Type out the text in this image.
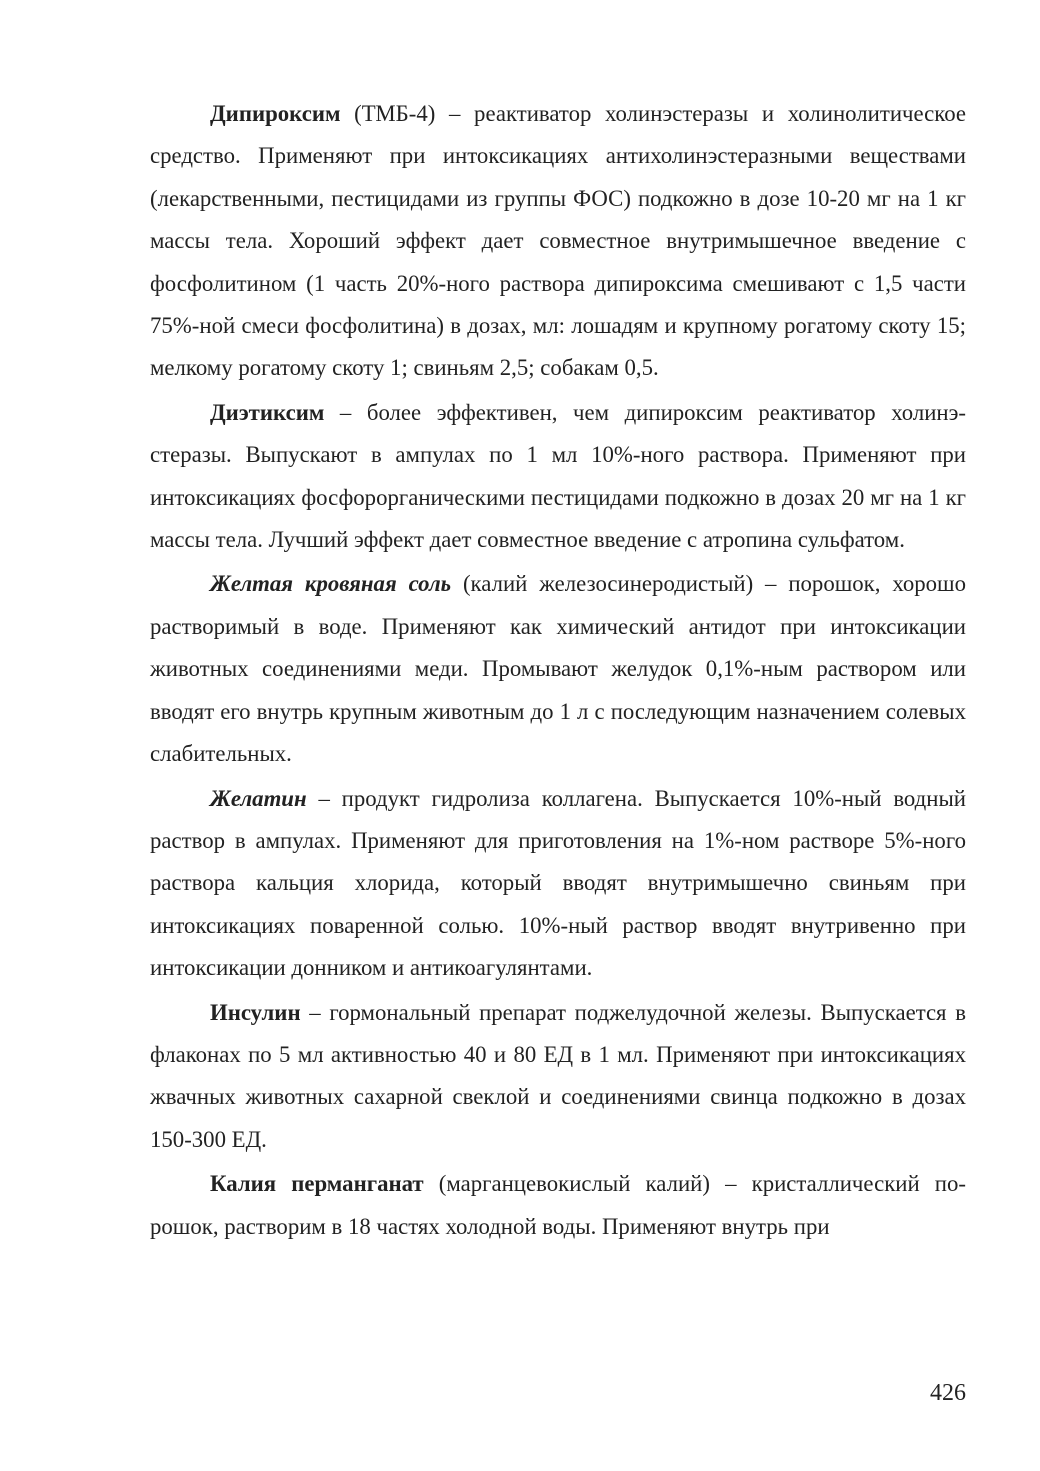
Дипироксим (ТМБ-4) – реактиватор холинэстеразы и холинолитическое средство. Применяют при интоксикациях антихолинэстеразными веществами (лекарственными, пестицидами из группы ФОС) подкожно в дозе 10-20 мг на 1 кг массы тела. Хороший эффект дает совместное внутримышечное введение с фосфолитином (1 часть 20%-ного раствора дипироксима смешивают с 1,5 части 75%-ной смеси фосфолитина) в дозах, мл: лошадям и крупному рогатому скоту 15; мелкому рогатому скоту 1; свиньям 2,5; собакам 0,5.

Диэтиксим – более эффективен, чем дипироксим реактиватор холинэстеразы. Выпускают в ампулах по 1 мл 10%-ного раствора. Применяют при интоксикациях фосфорорганическими пестицидами подкожно в дозах 20 мг на 1 кг массы тела. Лучший эффект дает совместное введение с атропина сульфатом.

Желтая кровяная соль (калий железосинеродистый) – порошок, хорошо растворимый в воде. Применяют как химический антидот при интоксикации животных соединениями меди. Промывают желудок 0,1%-ным раствором или вводят его внутрь крупным животным до 1 л с последующим назначением солевых слабительных.

Желатин – продукт гидролиза коллагена. Выпускается 10%-ный водный раствор в ампулах. Применяют для приготовления на 1%-ном растворе 5%-ного раствора кальция хлорида, который вводят внутримышечно свиньям при интоксикациях поваренной солью. 10%-ный раствор вводят внутривенно при интоксикации донником и антикоагулянтами.

Инсулин – гормональный препарат поджелудочной железы. Выпускается в флаконах по 5 мл активностью 40 и 80 ЕД в 1 мл. Применяют при интоксикациях жвачных животных сахарной свеклой и соединениями свинца подкожно в дозах 150-300 ЕД.

Калия перманганат (марганцевокислый калий) – кристаллический порошок, растворим в 18 частях холодной воды. Применяют внутрь при

426
